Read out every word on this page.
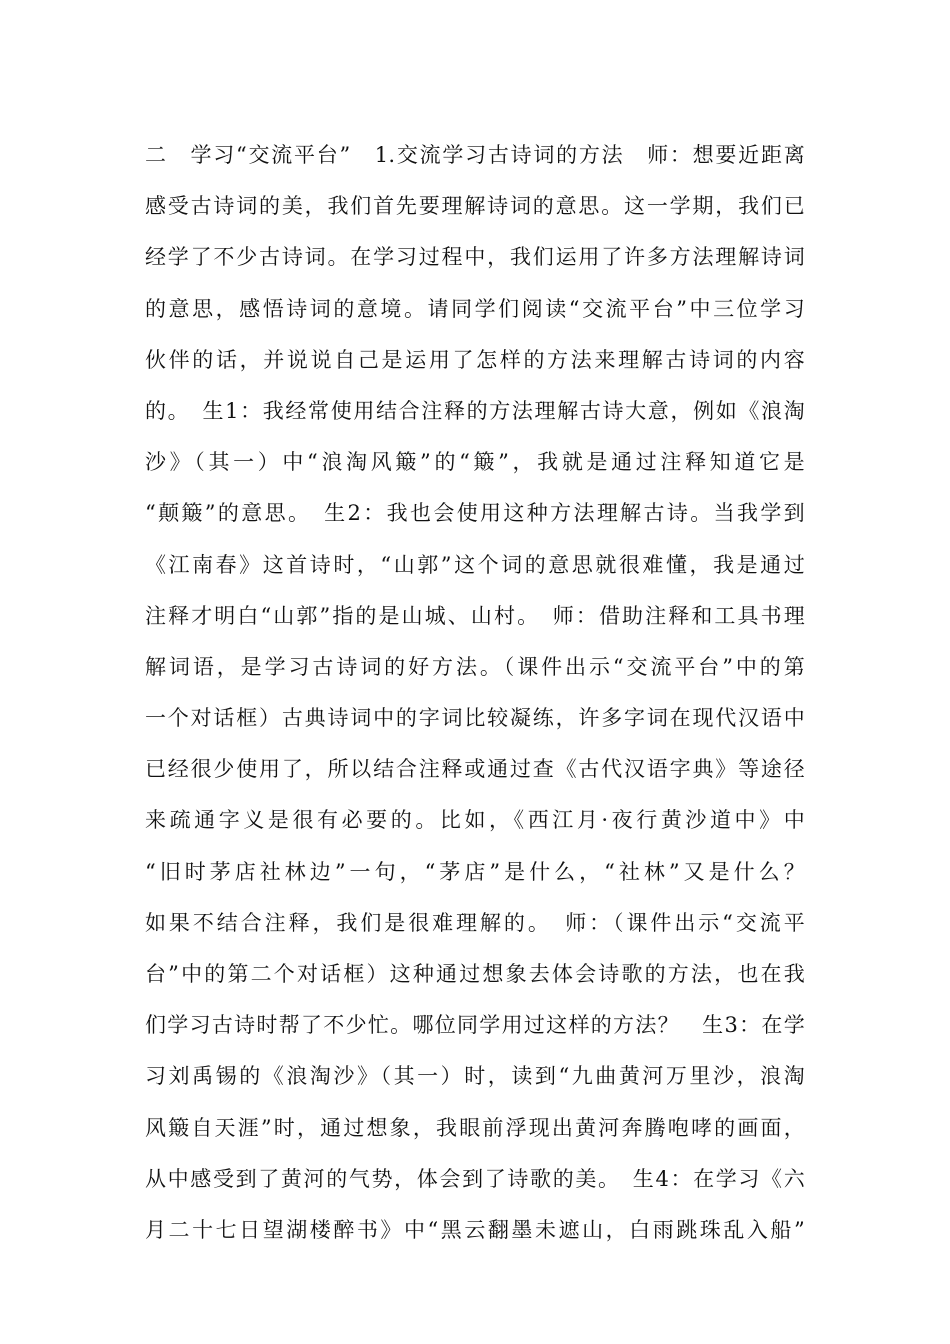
二　学习“交流平台”　1.交流学习古诗词的方法　师：想要近距离
感受古诗词的美，我们首先要理解诗词的意思。这一学期，我们已
经学了不少古诗词。在学习过程中，我们运用了许多方法理解诗词
的意思，感悟诗词的意境。请同学们阅读“交流平台”中三位学习
伙伴的话，并说说自己是运用了怎样的方法来理解古诗词的内容
的。　生1：我经常使用结合注释的方法理解古诗大意，例如《浪淘
沙》（其一）中“浪淘风簸”的“簸”，我就是通过注释知道它是
“颠簸”的意思。　生2：我也会使用这种方法理解古诗。当我学到
《江南春》这首诗时，“山郭”这个词的意思就很难懂，我是通过
注释才明白“山郭”指的是山城、山村。　师：借助注释和工具书理
解词语，是学习古诗词的好方法。（课件出示“交流平台”中的第
一个对话框）古典诗词中的字词比较凝练，许多字词在现代汉语中
已经很少使用了，所以结合注释或通过查《古代汉语字典》等途径
来疏通字义是很有必要的。比如，《西江月·夜行黄沙道中》中
“旧时茅店社林边”一句，“茅店”是什么，“社林”又是什么？
如果不结合注释，我们是很难理解的。　师：（课件出示“交流平
台”中的第二个对话框）这种通过想象去体会诗歌的方法，也在我
们学习古诗时帮了不少忙。哪位同学用过这样的方法？　生3：在学
习刘禹锡的《浪淘沙》（其一）时，读到“九曲黄河万里沙，浪淘
风簸自天涯”时，通过想象，我眼前浮现出黄河奔腾咆哮的画面，
从中感受到了黄河的气势，体会到了诗歌的美。　生4：在学习《六
月二十七日望湖楼醉书》中“黑云翻墨未遮山，白雨跳珠乱入船”
